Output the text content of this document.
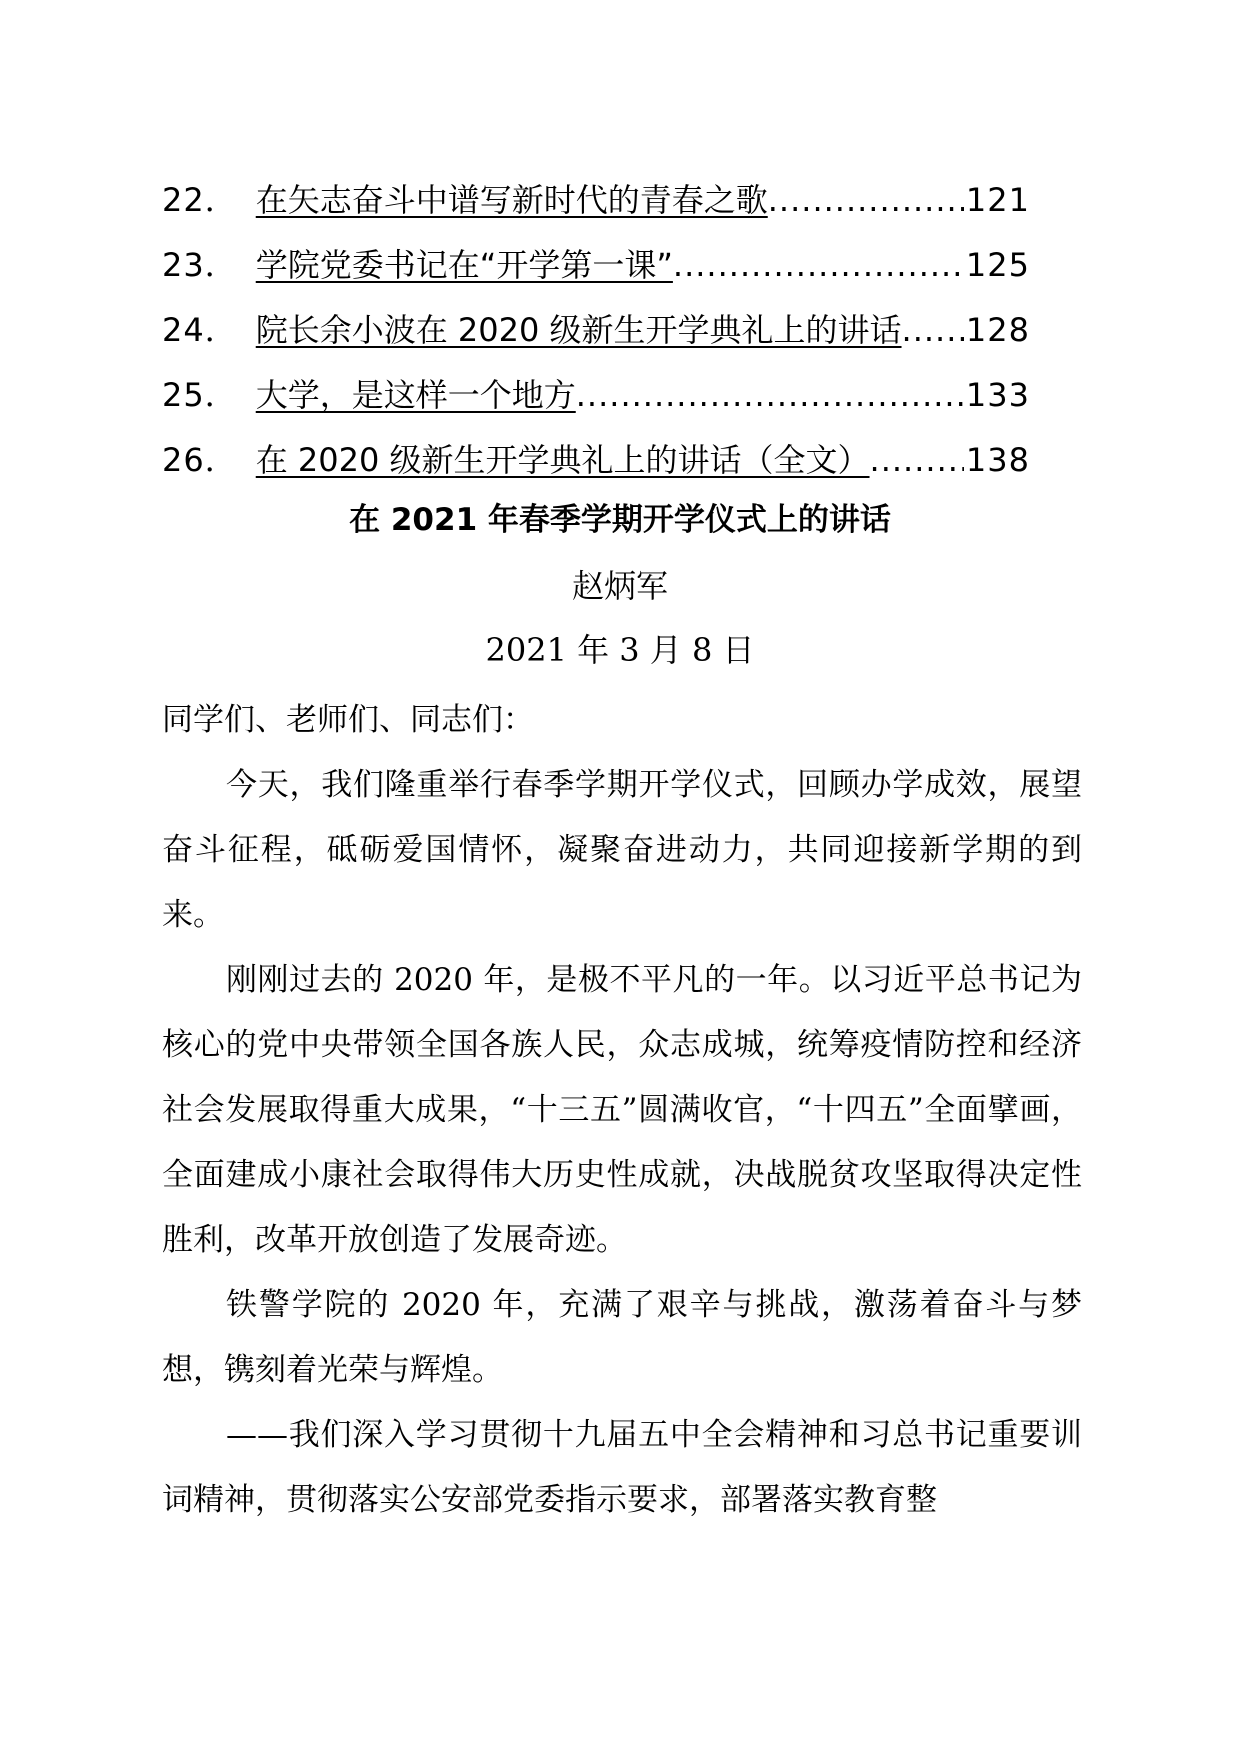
22． 在矢志奋斗中谱写新时代的青春之歌 .....	121
23． 学院党委书记在“开学第一课” .....	125
24． 院长余小波在 2020 级新生开学典礼上的讲话 ..... 128
25． 大学，是这样一个地方 .....	133
26． 在 2020 级新生开学典礼上的讲话（全文） .....	138
在 2021 年春季学期开学仪式上的讲话
赵炳军
2021 年 3 月 8 日

同学们、老师们、同志们：

今天，我们隆重举行春季学期开学仪式，回顾办学成效，展望奋斗征程，砥砺爱国情怀，凝聚奋进动力，共同迎接新学期的到来。

刚刚过去的 2020 年，是极不平凡的一年。以习近平总书记为核心的党中央带领全国各族人民，众志成城，统筹疫情防控和经济社会发展取得重大成果，“十三五”圆满收官，“十四五”全面擘画，全面建成小康社会取得伟大历史性成就，决战脱贫攻坚取得决定性胜利，改革开放创造了发展奇迹。

铁警学院的 2020 年，充满了艰辛与挑战，激荡着奋斗与梦想，镌刻着光荣与辉煌。

——我们深入学习贯彻十九届五中全会精神和习总书记重要训词精神，贯彻落实公安部党委指示要求，部署落实教育整
